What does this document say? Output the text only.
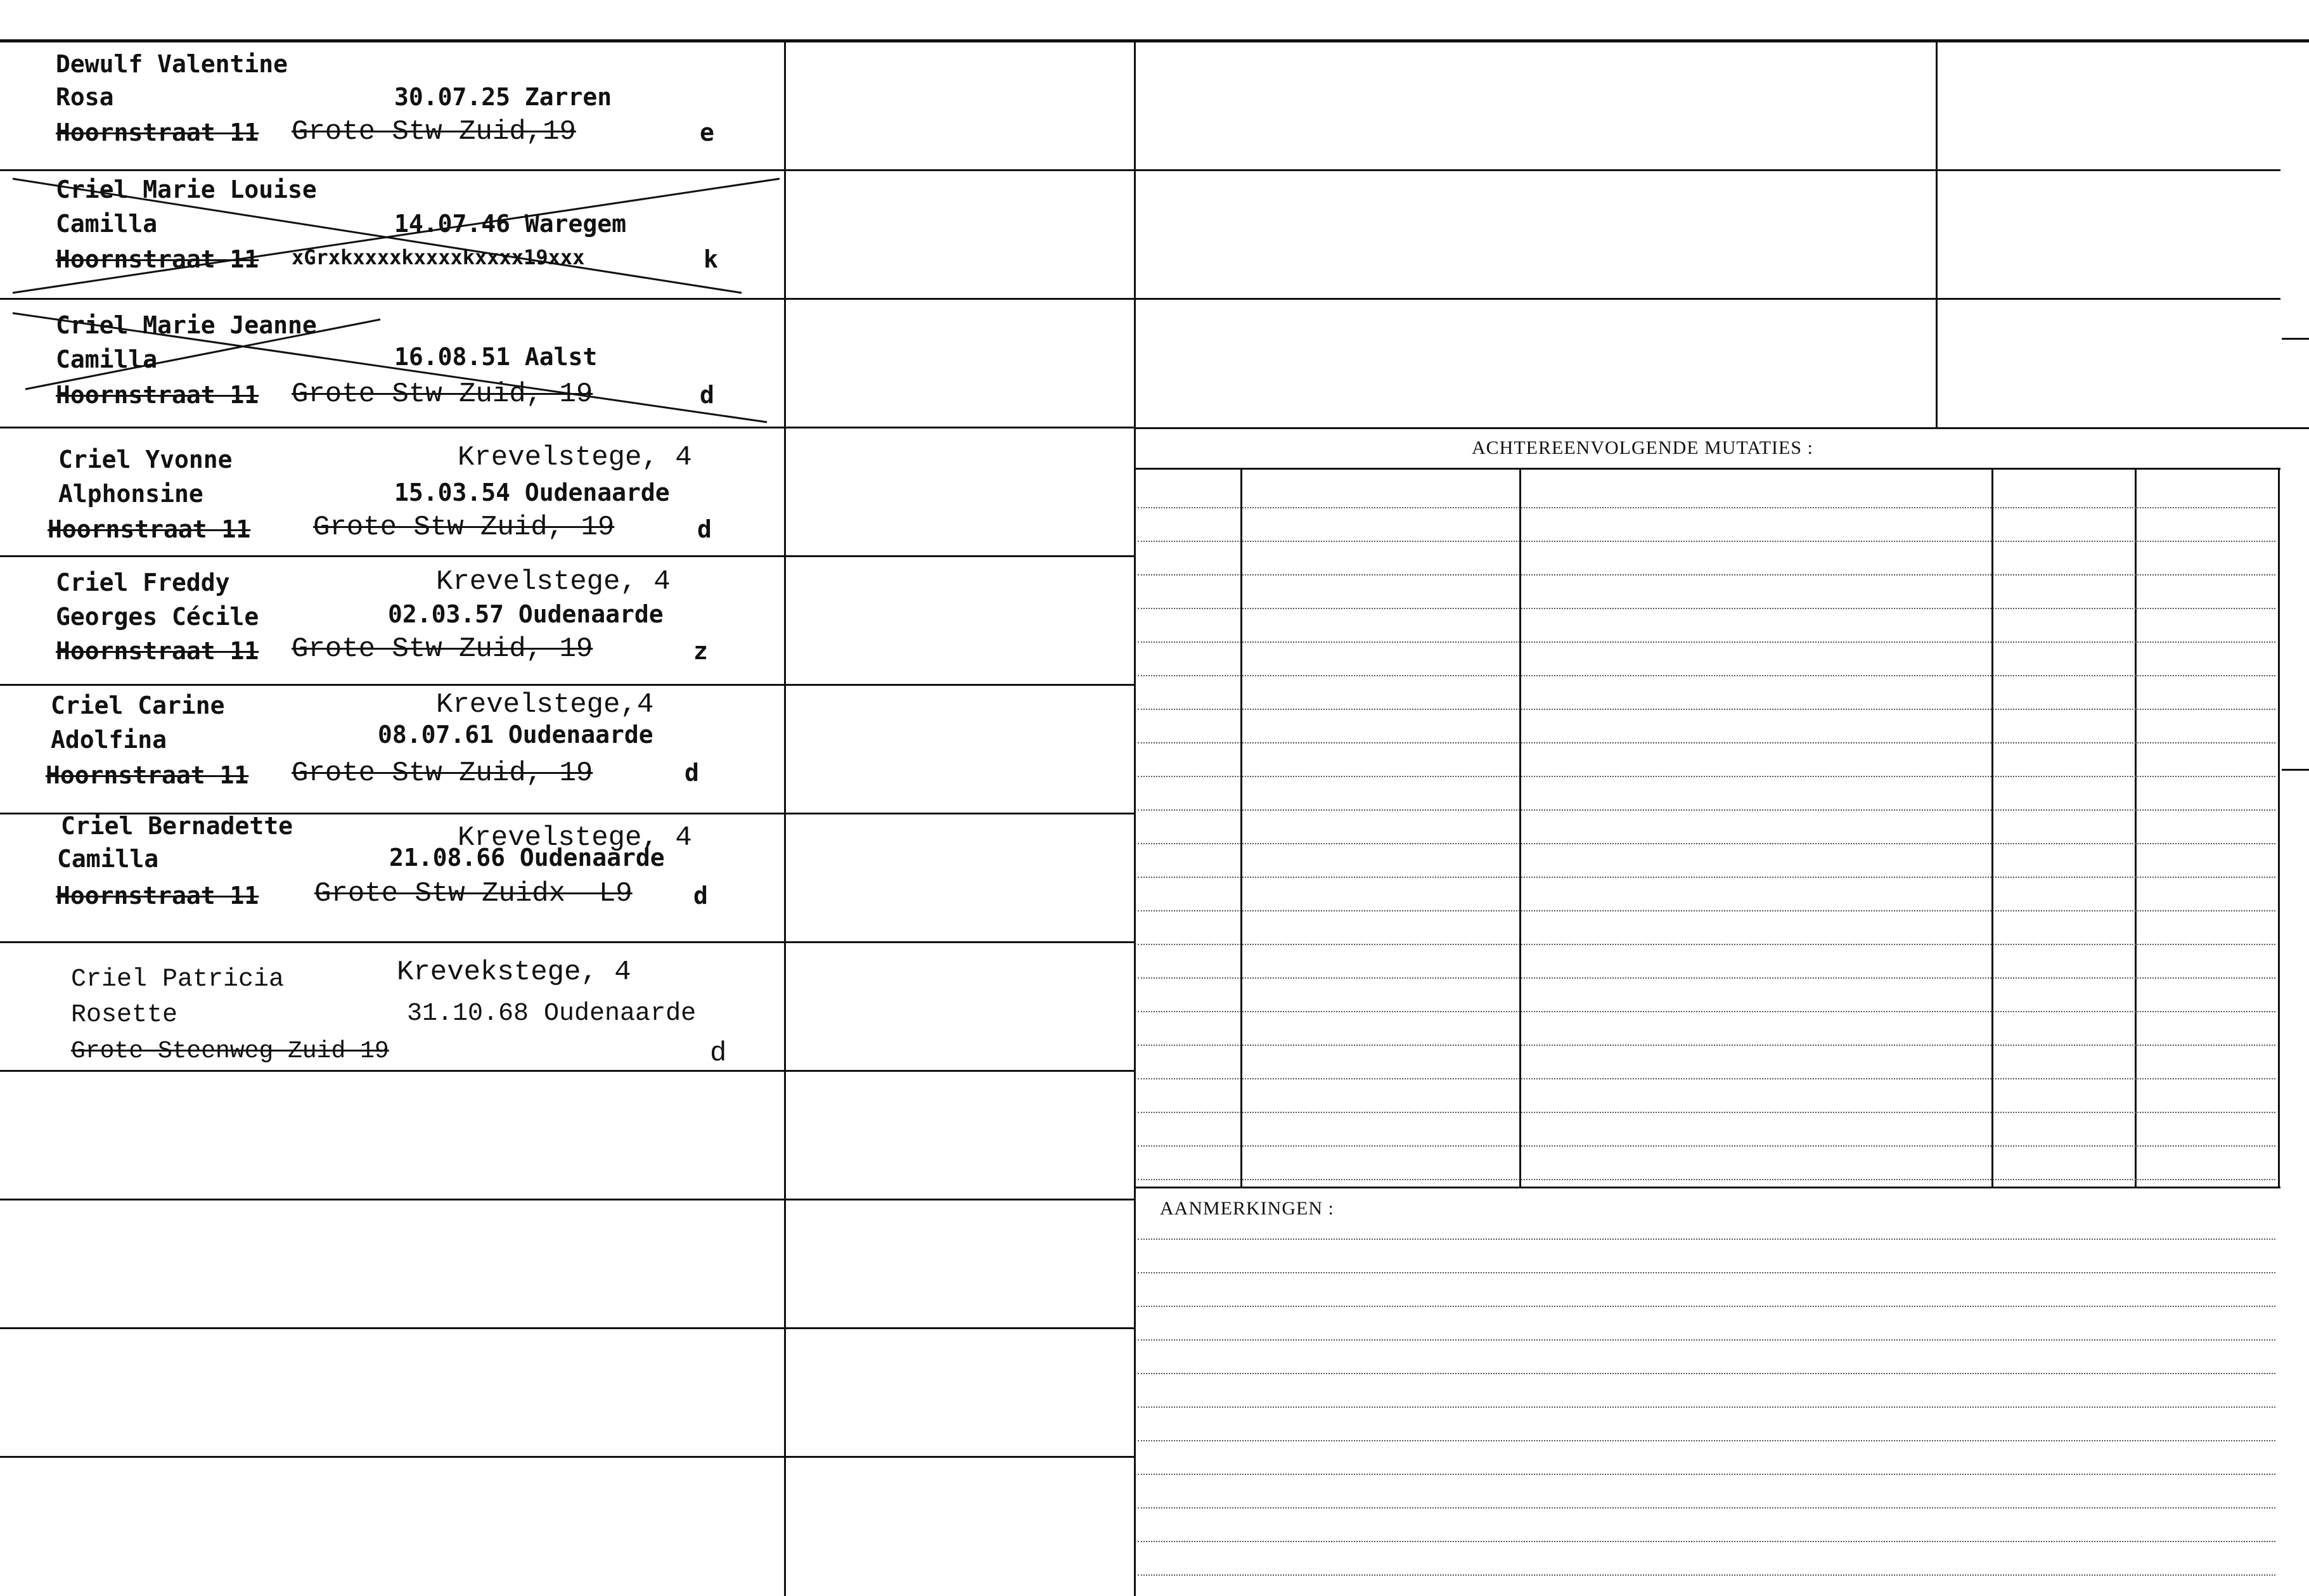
ACHTEREENVOLGENDE MUTATIES :
AANMERKINGEN :
Dewulf Valentine
Rosa	30.07.25 Zarren
Hoornstraat 11 Grote Stw Zuid,19	e
Criel Marie Louise
Camilla	14.07.46 Waregem
Hoornstraat 11 xGrxkxxxxkxxxxkxxxx19xxx	k
Criel Marie Jeanne
Camilla	16.08.51 Aalst
Hoornstraat 11 Grote Stw Zuid, 19	d
Criel Yvonne	Krevelstege, 4
Alphonsine	15.03.54 Oudenaarde
Hoornstraat 11 Grote Stw Zuid, 19	d
Criel Freddy	Krevelstege, 4
Georges Cécile	02.03.57 Oudenaarde
Hoornstraat 11 Grote Stw Zuid, 19	z
Criel Carine	Krevelstege,4
Adolfina	08.07.61 Oudenaarde
Hoornstraat 11 Grote Stw Zuid, 19	d
Criel Bernadette	Krevelstege, 4
Camilla	21.08.66 Oudenaarde
Hoornstraat 11 Grote Stw Zuidx  L9	d
Criel Patricia	Krevekstege, 4
Rosette	31.10.68 Oudenaarde
Grote Steenweg Zuid 19	d
